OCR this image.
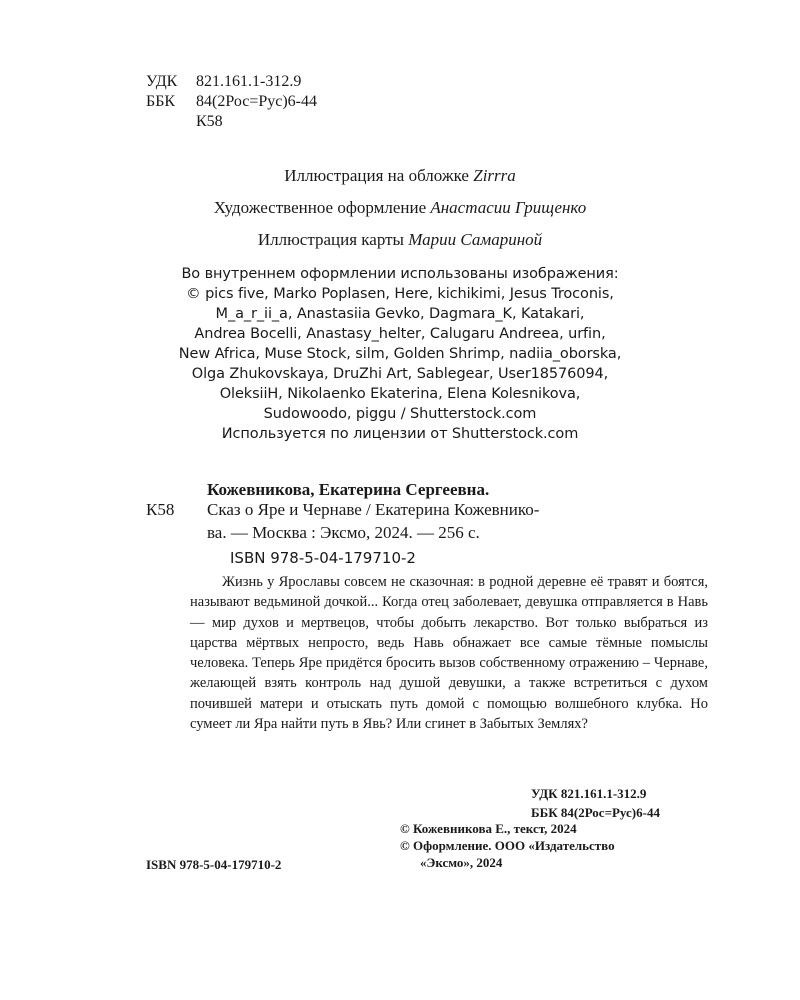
УДК 821.161.1-312.9
ББК 84(2Рос=Рус)6-44
К58
Иллюстрация на обложке Zirrra
Художественное оформление Анастасии Грищенко
Иллюстрация карты Марии Самариной
Во внутреннем оформлении использованы изображения:
© pics five, Marko Poplasen, Here, kichikimi, Jesus Troconis,
M_a_r_ii_a, Anastasiia Gevko, Dagmara_K, Katakari,
Andrea Bocelli, Anastasy_helter, Calugaru Andreea, urfin,
New Africa, Muse Stock, silm, Golden Shrimp, nadiia_oborska,
Olga Zhukovskaya, DruZhi Art, Sablegear, User18576094,
OleksiiH, Nikolaenko Ekaterina, Elena Kolesnikova,
Sudowoodo, piggu / Shutterstock.com
Используется по лицензии от Shutterstock.com
Кожевникова, Екатерина Сергеевна.
К58 Сказ о Яре и Чернаве / Екатерина Кожевнико-
ва. — Москва : Эксмо, 2024. — 256 с.
ISBN 978-5-04-179710-2
Жизнь у Ярославы совсем не сказочная: в родной деревне её травят и боятся, называют ведьминой дочкой... Когда отец заболевает, девушка отправляется в Навь — мир духов и мертвецов, чтобы добыть лекарство. Вот только выбраться из царства мёртвых непросто, ведь Навь обнажает все самые тёмные помыслы человека. Теперь Яре придётся бросить вызов собственному отражению – Чернаве, желающей взять контроль над душой девушки, а также встретиться с духом почившей матери и отыскать путь домой с помощью волшебного клубка. Но сумеет ли Яра найти путь в Явь? Или сгинет в Забытых Землях?
УДК 821.161.1-312.9
ББК 84(2Рос=Рус)6-44
© Кожевникова Е., текст, 2024
© Оформление. ООО «Издательство
«Эксмо», 2024
ISBN 978-5-04-179710-2
